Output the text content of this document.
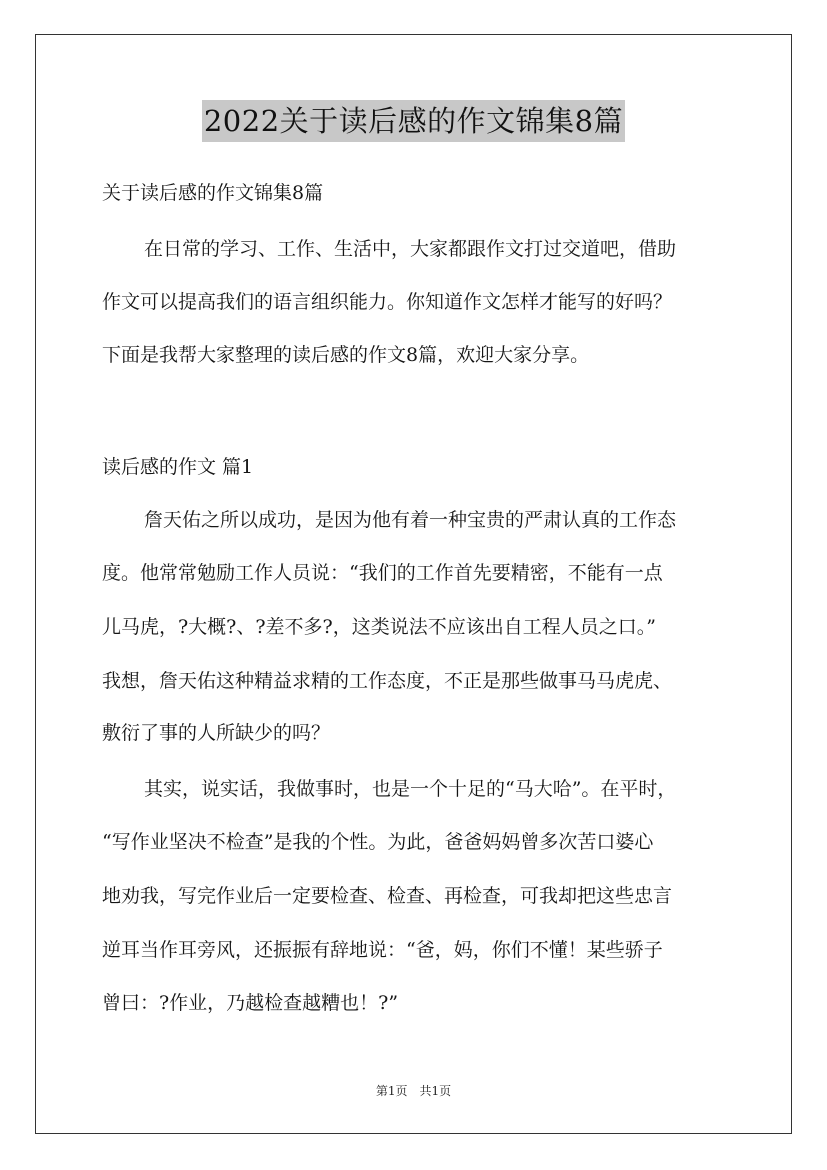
2022关于读后感的作文锦集8篇
关于读后感的作文锦集8篇
在日常的学习、工作、生活中，大家都跟作文打过交道吧，借助
作文可以提高我们的语言组织能力。你知道作文怎样才能写的好吗？
下面是我帮大家整理的读后感的作文8篇，欢迎大家分享。
读后感的作文 篇1
詹天佑之所以成功，是因为他有着一种宝贵的严肃认真的工作态
度。他常常勉励工作人员说：“我们的工作首先要精密，不能有一点
儿马虎，?大概?、?差不多?，这类说法不应该出自工程人员之口。”
我想，詹天佑这种精益求精的工作态度，不正是那些做事马马虎虎、
敷衍了事的人所缺少的吗？
其实，说实话，我做事时，也是一个十足的“马大哈”。在平时，
“写作业坚决不检查”是我的个性。为此，爸爸妈妈曾多次苦口婆心
地劝我，写完作业后一定要检查、检查、再检查，可我却把这些忠言
逆耳当作耳旁风，还振振有辞地说：“爸，妈，你们不懂！某些骄子
曾曰：?作业，乃越检查越糟也！?”
第1页　共1页
